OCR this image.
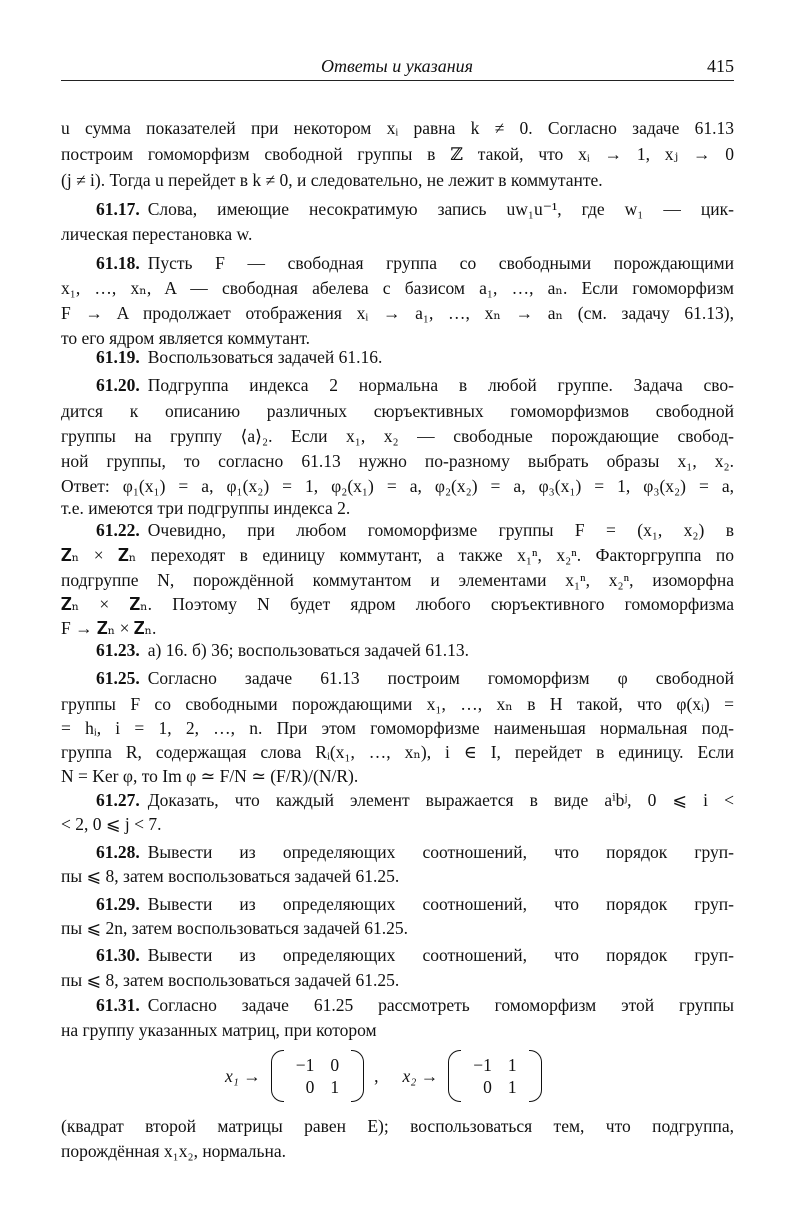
Ответы и указания	415
u сумма показателей при некотором xᵢ равна k ≠ 0. Согласно задаче 61.13
построим гомоморфизм свободной группы в ℤ такой, что xᵢ → 1, xⱼ → 0
(j ≠ i). Тогда u перейдет в k ≠ 0, и следовательно, не лежит в коммутанте.
61.17. Слова, имеющие несократимую запись uw₁u⁻¹, где w₁ — цик-
лическая перестановка w.
61.18. Пусть F — свободная группа со свободными порождающими
x₁, …, xₙ, A — свободная абелева с базисом a₁, …, aₙ. Если гомоморфизм
F → A продолжает отображения xᵢ → a₁, …, xₙ → aₙ (см. задачу 61.13),
то его ядром является коммутант.
61.19. Воспользоваться задачей 61.16.
61.20. Подгруппа индекса 2 нормальна в любой группе. Задача сво-
дится к описанию различных сюръективных гомоморфизмов свободной
группы на группу ⟨a⟩₂. Если x₁, x₂ — свободные порождающие свобод-
ной группы, то согласно 61.13 нужно по-разному выбрать образы x₁, x₂.
Ответ: φ₁(x₁) = a, φ₁(x₂) = 1, φ₂(x₁) = a, φ₂(x₂) = a, φ₃(x₁) = 1, φ₃(x₂) = a,
т.е. имеются три подгруппы индекса 2.
61.22. Очевидно, при любом гомоморфизме группы F = (x₁, x₂) в
𝐙ₙ × 𝐙ₙ переходят в единицу коммутант, а также x₁ⁿ, x₂ⁿ. Факторгруппа по
подгруппе N, порождённой коммутантом и элементами x₁ⁿ, x₂ⁿ, изоморфна
𝐙ₙ × 𝐙ₙ. Поэтому N будет ядром любого сюръективного гомоморфизма
F → 𝐙ₙ × 𝐙ₙ.
61.23. а) 16. б) 36; воспользоваться задачей 61.13.
61.25. Согласно задаче 61.13 построим гомоморфизм φ свободной
группы F со свободными порождающими x₁, …, xₙ в H такой, что φ(xᵢ) =
= hᵢ, i = 1, 2, …, n. При этом гомоморфизме наименьшая нормальная под-
группа R, содержащая слова Rᵢ(x₁, …, xₙ), i ∈ I, перейдет в единицу. Если
N = Ker φ, то Im φ ≃ F/N ≃ (F/R)/(N/R).
61.27. Доказать, что каждый элемент выражается в виде aⁱbʲ, 0 ⩽ i <
< 2, 0 ⩽ j < 7.
61.28. Вывести из определяющих соотношений, что порядок груп-
пы ⩽ 8, затем воспользоваться задачей 61.25.
61.29. Вывести из определяющих соотношений, что порядок груп-
пы ⩽ 2n, затем воспользоваться задачей 61.25.
61.30. Вывести из определяющих соотношений, что порядок груп-
пы ⩽ 8, затем воспользоваться задачей 61.25.
61.31. Согласно задаче 61.25 рассмотреть гомоморфизм этой группы
на группу указанных матриц, при котором
(квадрат второй матрицы равен E); воспользоваться тем, что подгруппа,
порождённая x₁x₂, нормальна.
x₁ →
−1	0
0	1
, x₂ →
−1	1
0	1
